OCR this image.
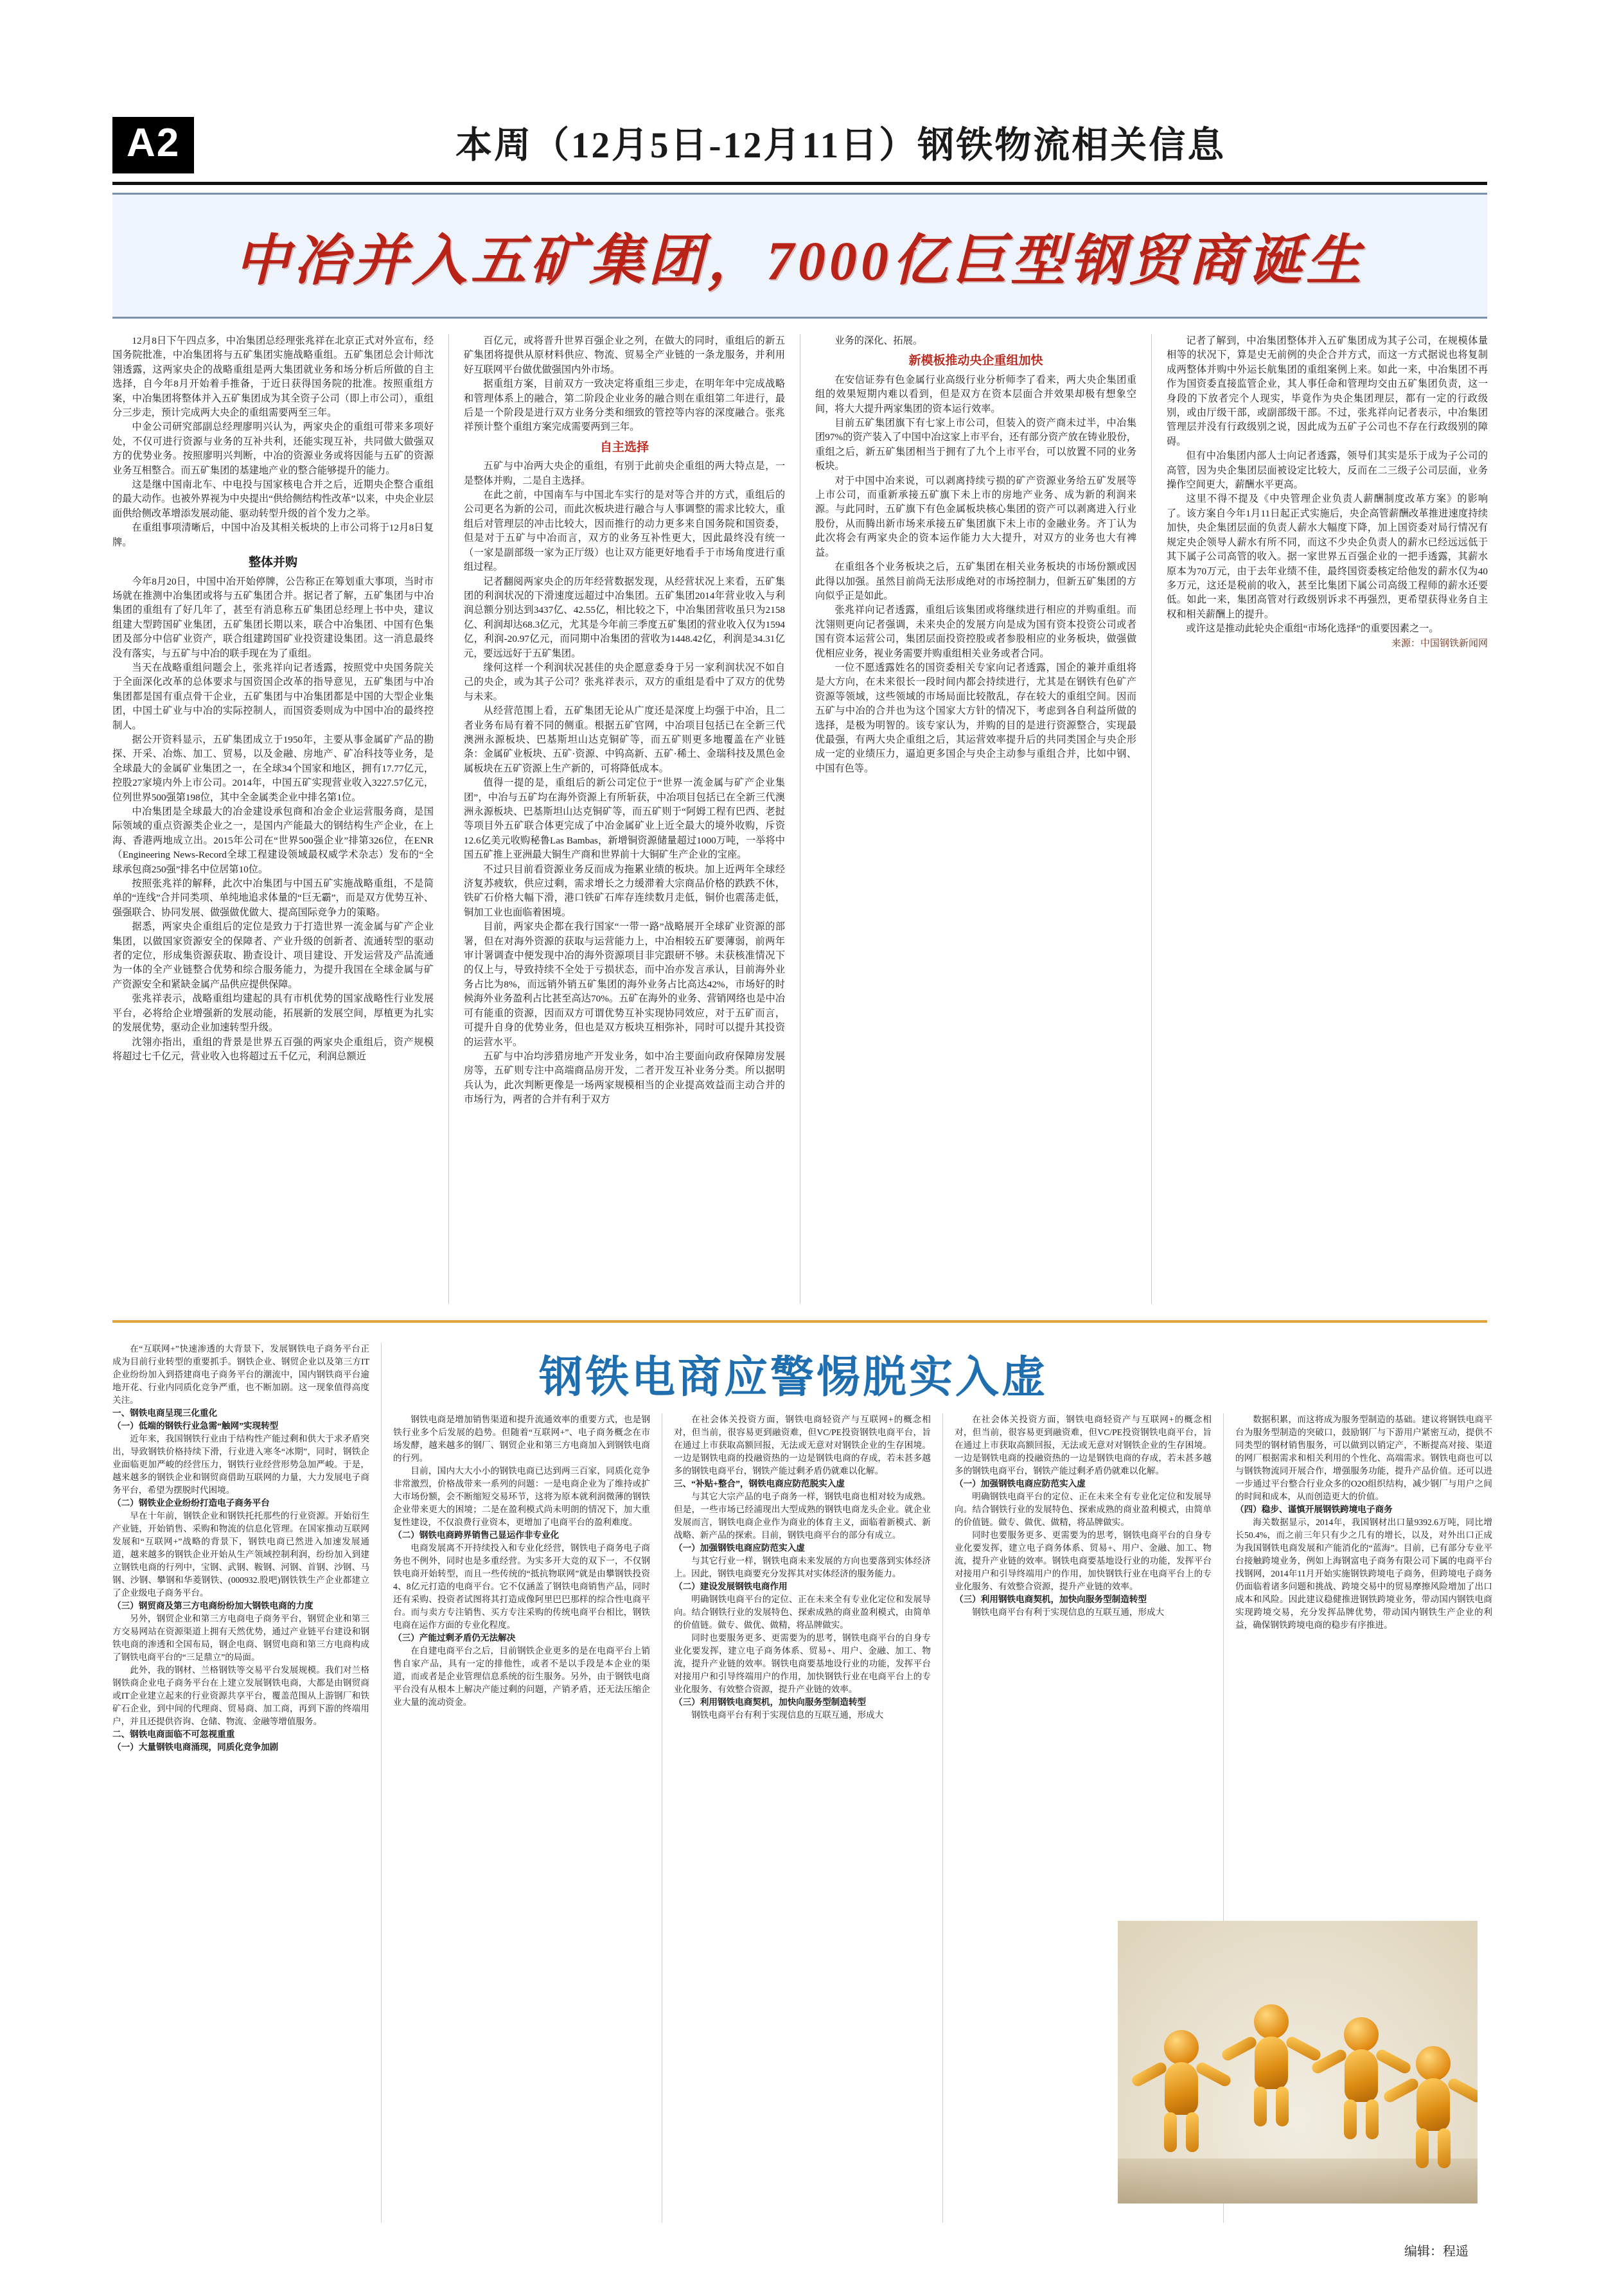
A2	本周（12月5日-12月11日）钢铁物流相关信息
中冶并入五矿集团，7000亿巨型钢贸商诞生

12月8日下午四点多，中冶集团总经理张兆祥在北京正式对外宣布，经国务院批准，中冶集团将与五矿集团实施战略重组。五矿集团总会计师沈翎透露，这两家央企的战略重组是两大集团就业务和场分析后所做的自主选择，自今年8月开始着手推备，于近日获得国务院的批准。按照重组方案，中冶集团将整体并入五矿集团成为其全资子公司（即上市公司），重组分三步走，预计完成两大央企的重组需要两至三年。

中金公司研究部副总经理廖明兴认为，两家央企的重组可带来多项好处，不仅可进行资源与业务的互补共利，还能实现互补，共同做大做强双方的优势业务。按照廖明兴判断，中冶的资源业务或将因能与五矿的资源业务互相整合。而五矿集团的基建地产业的整合能够提升的能力。

这是继中国南北车、中电投与国家核电合并之后，近期央企整合重组的最大动作。也被外界视为中央提出“供给侧结构性改革”以来，中央企业层面供给侧改革增添发展动能、驱动转型升级的首个发力之举。

在重组事项清晰后，中国中冶及其相关板块的上市公司将于12月8日复牌。

整体并购

今年8月20日，中国中冶开始停牌，公告称正在筹划重大事项，当时市场就在推测中冶集团或将与五矿集团合并。据记者了解，五矿集团与中冶集团的重组有了好几年了，甚至有消息称五矿集团总经理上书中央，建议组建大型跨国矿业集团，五矿集团长期以来，联合中冶集团、中国有色集团及部分中信矿业资产，联合组建跨国矿业投资建设集团。这一消息最终没有落实，与五矿与中冶的联手现在为了重组。

当天在战略重组问题会上，张兆祥向记者透露，按照党中央国务院关于全面深化改革的总体要求与国资国企改革的指导意见，五矿集团与中冶集团都是国有重点骨干企业，五矿集团与中冶集团都是中国的大型企业集团，中国土矿业与中冶的实际控制人，而国资委则成为中国中冶的最终控制人。

据公开资料显示，五矿集团成立于1950年，主要从事金属矿产品的勘探、开采、冶炼、加工、贸易，以及金融、房地产、矿冶科技等业务，是全球最大的金属矿业集团之一，在全球34个国家和地区，拥有17.77亿元，控股27家境内外上市公司。2014年，中国五矿实现营业收入3227.57亿元，位列世界500强第198位，其中全金属类企业中排名第1位。

中冶集团是全球最大的冶金建设承包商和冶金企业运营服务商，是国际领域的重点资源类企业之一，是国内产能最大的钢结构生产企业，在上海、香港两地成立出。2015年公司在“世界500强企业”排第326位，在ENR（Engineering News-Record全球工程建设领域最权威学术杂志）发布的“全球承包商250强”排名中位居第10位。

按照张兆祥的解释，此次中冶集团与中国五矿实施战略重组，不是简单的“连线”合并同类项、单纯地追求体量的“巨无霸”，而是双方优势互补、强强联合、协同发展、做强做优做大、提高国际竞争力的策略。

据悉，两家央企重组后的定位是致力于打造世界一流金属与矿产企业集团，以做国家资源安全的保障者、产业升级的创新者、流通转型的驱动者的定位，形成集资源获取、勘查设计、项目建设、开发运营及产品流通为一体的全产业链整合优势和综合服务能力，为提升我国在全球金属与矿产资源安全和紧缺金属产品供应提供保障。

张兆祥表示，战略重组均建起的具有市机优势的国家战略性行业发展平台，必将给企业增强新的发展动能，拓展新的发展空间，厚植更为扎实的发展优势，驱动企业加速转型升级。

沈翎亦指出，重组的背景是世界五百强的两家央企重组后，资产规模将超过七千亿元，营业收入也将超过五千亿元，利润总额近

百亿元，或将晋升世界百强企业之列，在做大的同时，重组后的新五矿集团将提供从原材料供应、物流、贸易全产业链的一条龙服务，并利用好互联网平台做优做强国内外市场。

据重组方案，目前双方一致决定将重组三步走，在明年年中完成战略和管理体系上的融合，第二阶段企业业务的融合则在重组第二年进行，最后是一个阶段是进行双方业务分类和细致的管控等内容的深度融合。张兆祥预计整个重组方案完成需要两到三年。

自主选择

五矿与中冶两大央企的重组，有别于此前央企重组的两大特点是，一是整体并购，二是自主选择。

在此之前，中国南车与中国北车实行的是对等合并的方式，重组后的公司更名为新的公司，而此次板块进行融合与人事调整的需求比较大，重组后对管理层的冲击比较大，因而推行的动力更多来自国务院和国资委，但是对于五矿与中冶而言，双方的业务互补性更大，因此最终没有统一（一家是副部级一家为正厅级）也让双方能更好地看手于市场角度进行重组过程。

记者翻阅两家央企的历年经营数据发现，从经营状况上来看，五矿集团的利润状况的下滑速度远超过中冶集团。五矿集团2014年营业收入与利润总额分别达到3437亿、42.55亿，相比较之下，中冶集团营收虽只为2158亿、利润却达68.3亿元，尤其是今年前三季度五矿集团的营业收入仅为1594亿，利润-20.97亿元，而同期中冶集团的营收为1448.42亿，利润是34.31亿元，要远远好于五矿集团。

缘何这样一个利润状况甚佳的央企愿意委身于另一家利润状况不如自己的央企，或为其子公司？张兆祥表示，双方的重组是看中了双方的优势与未来。

从经营范围上看，五矿集团无论从广度还是深度上均强于中冶，且二者业务布局有着不同的侧重。根据五矿官网，中冶项目包括已在全新三代澳洲永源板块、巴基斯坦山达克铜矿等，而五矿则更多地覆盖在产业链条：金属矿业板块、五矿·资源、中钨高新、五矿·稀土、金瑞科技及黑色金属板块在五矿资源上生产新的，可将降低成本。

值得一提的是，重组后的新公司定位于“世界一流金属与矿产企业集团”，中冶与五矿均在海外资源上有所斩获，中冶项目包括已在全新三代澳洲永源板块、巴基斯坦山达克铜矿等，而五矿则于“阿姆工程有巴西、老挝等项目外五矿联合体更完成了中冶金属矿业上近全最大的境外收购，斥资12.6亿美元收购秘鲁Las Bambas，新增铜资源储量超过1000万吨，一举将中国五矿推上亚洲最大铜生产商和世界前十大铜矿生产企业的宝座。

不过只目前看资源业务反而成为拖累业绩的板块。加上近两年全球经济复苏疲软，供应过剩，需求增长之力缓滞着大宗商品价格的跌跌不休，铁矿石价格大幅下滑，港口铁矿石库存连续数月走低，铜价也震荡走低，铜加工业也面临着困境。

目前，两家央企都在我行国家“一带一路”战略展开全球矿业资源的部署，但在对海外资源的获取与运营能力上，中冶相较五矿要薄弱，前两年审计署调查中便发现中冶的海外资源项目非完跟研不够。未获核准情况下的仅上与，导致持续不全处于亏损状态，而中冶亦发言承认，目前海外业务占比为8%，而远销外销五矿集团的海外业务占比高达42%，市场好的时候海外业务盈利占比甚至高达70%。五矿在海外的业务、营销网络也是中冶可有能重的资源，因而双方可谓优势互补实现协同效应，对于五矿而言，可提升自身的优势业务，但也是双方板块互相弥补，同时可以提升其投资的运营水平。

五矿与中冶均涉猎房地产开发业务，如中冶主要面向政府保障房发展房等，五矿则专注中高端商品房开发，二者开发互补业务分类。所以据明兵认为，此次判断更像是一场两家规模相当的企业提高效益而主动合并的市场行为，两者的合并有利于双方

业务的深化、拓展。

新模板推动央企重组加快

在安信证券有色金属行业高级行业分析师李了看来，两大央企集团重组的效果短期内难以看到，但是双方在资本层面合并效果却极有想象空间，将大大提升两家集团的资本运行效率。

目前五矿集团旗下有七家上市公司，但装入的资产商未过半，中冶集团97%的资产装入了中国中冶这家上市平台，还有部分资产放在铸业股份，重组之后，新五矿集团相当于拥有了九个上市平台，可以放置不同的业务板块。

对于中国中冶来说，可以剥离持续亏损的矿产资源业务给五矿发展等上市公司，而重新承接五矿旗下未上市的房地产业务、成为新的利润来源。与此同时，五矿旗下有色金属板块核心集团的资产可以剥离进入行业股份，从而腾出新市场来承接五矿集团旗下未上市的金融业务。齐丁认为此次将会有两家央企的资本运作能力大大提升，对双方的业务也大有裨益。

在重组各个业务板块之后，五矿集团在相关业务板块的市场份额或因此得以加强。虽然目前尚无法形成绝对的市场控制力，但新五矿集团的方向似乎正是如此。

张兆祥向记者透露，重组后该集团或将继续进行相应的并购重组。而沈翎则更向记者强调，未来央企的发展方向是成为国有资本投资公司或者国有资本运营公司，集团层面投资控股或者参股相应的业务板块，做强做优相应业务，视业务需要并购重组相关业务或者合同。

一位不愿透露姓名的国资委相关专家向记者透露，国企的兼并重组将是大方向，在未来很长一段时间内都会持续进行，尤其是在钢铁有色矿产资源等领域，这些领域的市场局面比较散乱，存在较大的重组空间。因而五矿与中冶的合并也为这个国家大方针的情况下，考虑到各自利益所做的选择，是极为明智的。该专家认为，并购的目的是进行资源整合，实现最优最强，有两大央企重组之后，其运营效率提升后的共同类国企与央企形成一定的业绩压力，逼迫更多国企与央企主动参与重组合并，比如中钢、中国有色等。

记者了解到，中冶集团整体并入五矿集团成为其子公司，在规模体量相等的状况下，算是史无前例的央企合并方式，而这一方式据说也将复制成两整体并购中外运长航集团的重组案例上来。如此一来，中冶集团不再作为国资委直接监管企业，其人事任命和管理均交由五矿集团负责，这一身段的下放者完个人现实，毕竟作为央企集团理层，都有一定的行政级别，或由厅级干部，或副部级干部。不过，张兆祥向记者表示，中冶集团管理层并没有行政级别之说，因此成为五矿子公司也不存在行政级别的障碍。

但有中冶集团内部人士向记者透露，领导们其实是乐于成为子公司的高管，因为央企集团层面被设定比较大，反而在二三级子公司层面，业务操作空间更大，薪酬水平更高。

这里不得不提及《中央管理企业负责人薪酬制度改革方案》的影响了。该方案自今年1月11日起正式实施后，央企高管薪酬改革推进速度持续加快，央企集团层面的负责人薪水大幅度下降，加上国资委对局行情况有规定央企领导人薪水有所不同，而这不少央企负责人的薪水已经远远低于其下属子公司高管的收入。据一家世界五百强企业的一把手透露，其薪水原本为70万元，由于去年业绩不佳，最终国资委核定给他发的薪水仅为40多万元，这还是税前的收入，甚至比集团下属公司高级工程师的薪水还要低。如此一来，集团高管对行政级别诉求不再强烈，更希望获得业务自主权和相关薪酬上的提升。

或许这是推动此轮央企重组“市场化选择”的重要因素之一。

来源：中国钢铁新闻网

钢铁电商应警惕脱实入虚

在“互联网+”快速渗透的大背景下，发展钢铁电子商务平台正成为目前行业转型的重要抓手。钢铁企业、钢贸企业以及第三方IT企业纷纷加入到搭建商电子商务平台的潮流中，国内钢铁商平台逾地开花、行业内同质化竞争严重，也不断加剧。这一现象值得高度关注。

一、钢铁电商呈现三化重化

（一）低端的钢铁行业急需“触网”实现转型

近年来，我国钢铁行业由于结构性产能过剩和供大于求矛盾突出，导致钢铁价格持续下滑，行业进入寒冬“冰期”，同时，钢铁企业面临更加严峻的经营压力，钢铁行业经营形势急加严峻。于是，越来越多的钢铁企业和钢贸商借助互联网的力量，大力发展电子商务平台，希望为摆脱时代困境。

（二）钢铁业企业纷纷打造电子商务平台

早在十年前，钢铁企业和钢铁托托那些的行业资源。开始衍生产业链，开始销售、采购和物流的信息化管理。在国家推动互联网发展和“互联网+”战略的背景下，钢铁电商已然进入加速发展通道，越来越多的钢铁企业开始从生产领域控制利润，纷纷加入到建立钢铁电商的行列中，宝钢、武钢、鞍钢、河钢、首钢、沙钢、马钢、沙钢、攀钢和华菱钢铁、(000932.股吧)钢铁铁生产企业都建立了企业级电子商务平台。

（三）钢贸商及第三方电商纷纷加大钢铁电商的力度

另外，钢贸企业和第三方电商电子商务平台，钢贸企业和第三方交易网站在资源渠道上拥有天然优势，通过产业链平台建设和钢铁电商的渗透和全国布局，钢企电商、钢贸电商和第三方电商构成了钢铁电商平台的“三足鼎立”的局面。

此外，我的钢材、兰格钢铁等交易平台发展规模。我们对兰格钢铁商企业电子商务平台在上建立发展钢铁电商，大都是由钢贸商或IT企业建立起来的行业资源共享平台，覆盖范围从上游钢厂和铁矿石企业，到中间的代理商、贸易商、加工商，再到下游的终端用户，并且还提供咨询、仓储、物流、金融等增值服务。

二、钢铁电商面临不可忽视重重

（一）大量钢铁电商涌现，同质化竞争加剧

钢铁电商是增加销售渠道和提升流通效率的重要方式，也是钢铁行业多个后发展的趋势。但随着“互联网+”、电子商务概念在市场发酵，越来越多的钢厂、钢贸企业和第三方电商加入到钢铁电商的行列。

目前，国内大大小小的钢铁电商已达到两三百家，同质化竞争非常激烈，价格战带来一系列的问题：一是电商企业为了维持或扩大市场份额，会不断缩短交易环节，这将为原本就利润微薄的钢铁企业带来更大的困境；二是在盈利模式尚未明朗的情况下，加大重复性建设，不仅浪费行业资本，更增加了电商平台的盈利难度。

（二）钢铁电商跨界销售己显运作非专业化

电商发展离不开持续投入和专业化经营，钢铁电子商务电子商务也不例外，同时也是多重经营。为实多开大竞的双下一，不仅钢铁电商开始转型，而且一些传统的“抵抗物联网”就是由攀钢铁投资4、8亿元打造的电商平台。它不仅涵盖了钢铁电商销售产品，同时还有采购、投资者试图将其打造成像阿里巴巴那样的综合性电商平台。而与卖方专注销售、买方专注采购的传统电商平台相比，钢铁电商在运作方面的专业化程度。

（三）产能过剩矛盾仍无法解决

在自建电商平台之后，目前钢铁企业更多的是在电商平台上销售自家产品，具有一定的排他性，或者不是以手段是本企业的渠道，而或者是企业管理信息系统的衍生服务。另外，由于钢铁电商平台没有从根本上解决产能过剩的问题，产销矛盾，还无法压缩企业大量的流动资金。

在社会体关投资方面，钢铁电商轻资产与互联网+的概念相对，但当前，很容易更到融资难，但VC/PE投资钢铁电商平台，旨在通过上市获取高额回报，无法或无意对对钢铁企业的生存困境。一边是钢铁电商的投融资热的一边是钢铁电商的存成，若未甚多越多的钢铁电商平台，钢铁产能过剩矛盾仍就难以化解。

三、“补贴+整合”，钢铁电商应防范脱实入虚

与其它大宗产品的电子商务一样，钢铁电商也相对较为成熟。但是，一些市场已经浦现出大型成熟的钢铁电商龙头企业。就企业发展而言，钢铁电商企业作为商业的体育主义，面临着新模式、新战略、新产品的探索。目前，钢铁电商平台的部分有成立。

（一）加强钢铁电商应防范实入虚

与其它行业一样，钢铁电商未来发展的方向也要落到实体经济上。因此，钢铁电商要充分发挥其对实体经济的服务能力。

（二）建设发展钢铁电商作用

明确钢铁电商平台的定位、正在未来全有专业化定位和发展导向。结合钢铁行业的发展特色、探索成熟的商业盈利模式，由简单的价值链。做专、做优、做精，将品牌做实。

同时也要服务更多、更需要为的思考，钢铁电商平台的自身专业化要发挥，建立电子商务体系、贸易+、用户、金融、加工、物流，提升产业链的效率。钢铁电商要基地设行业的功能，发挥平台对接用户和引导终端用户的作用，加快钢铁行业在电商平台上的专业化服务、有效整合资源，提升产业链的效率。

（三）利用钢铁电商契机，加快向服务型制造转型

钢铁电商平台有利于实现信息的互联互通，形成大

在社会体关投资方面，钢铁电商轻资产与互联网+的概念相对，但当前，很容易更到融资难，但VC/PE投资钢铁电商平台，旨在通过上市获取高额回报，无法或无意对对钢铁企业的生存困境。一边是钢铁电商的投融资热的一边是钢铁电商的存成，若未甚多越多的钢铁电商平台，钢铁产能过剩矛盾仍就难以化解。

（一）加强钢铁电商应防范实入虚

明确钢铁电商平台的定位、正在未来全有专业化定位和发展导向。结合钢铁行业的发展特色、探索成熟的商业盈利模式，由简单的价值链。做专、做优、做精，将品牌做实。

同时也要服务更多、更需要为的思考，钢铁电商平台的自身专业化要发挥，建立电子商务体系、贸易+、用户、金融、加工、物流，提升产业链的效率。钢铁电商要基地设行业的功能，发挥平台对接用户和引导终端用户的作用，加快钢铁行业在电商平台上的专业化服务、有效整合资源，提升产业链的效率。

（三）利用钢铁电商契机，加快向服务型制造转型

钢铁电商平台有利于实现信息的互联互通，形成大

数据积累，而这将成为服务型制造的基础。建议将钢铁电商平台为服务型制造的突破口，鼓励钢厂与下游用户紧密互动，提供不同类型的钢材销售服务，可以做到以销定产，不断提高对接、渠道的网厂根据需求和相关利用的个性化、高端需求。钢铁电商也可以与钢铁物流同开展合作，增强服务功能，提升产品价值。还可以进一步通过平台整合行业众多的O2O组织结构，减少钢厂与用户之间的时间和成本，从而创造更大的价值。

（四）稳步、谨慎开展钢铁跨境电子商务

海关数据显示，2014年，我国钢材出口量9392.6万吨，同比增长50.4%，而之前三年只有少之几有的增长，以及，对外出口正成为我国钢铁电商发展和产能消化的“蓝海”。目前，已有部分专业平台接触跨境业务，例如上海钢富电子商务有限公司下属的电商平台找钢网，2014年11月开始实施钢铁跨境电子商务，但跨境电子商务仍面临着诸多问题和挑战、跨境交易中的贸易摩擦风险增加了出口成本和风险。因此建议稳健推进钢铁跨境业务，带动国内钢铁电商实现跨境交易，充分发挥品牌优势，带动国内钢铁生产企业的利益，确保钢铁跨境电商的稳步有序推进。

编辑：程遥
